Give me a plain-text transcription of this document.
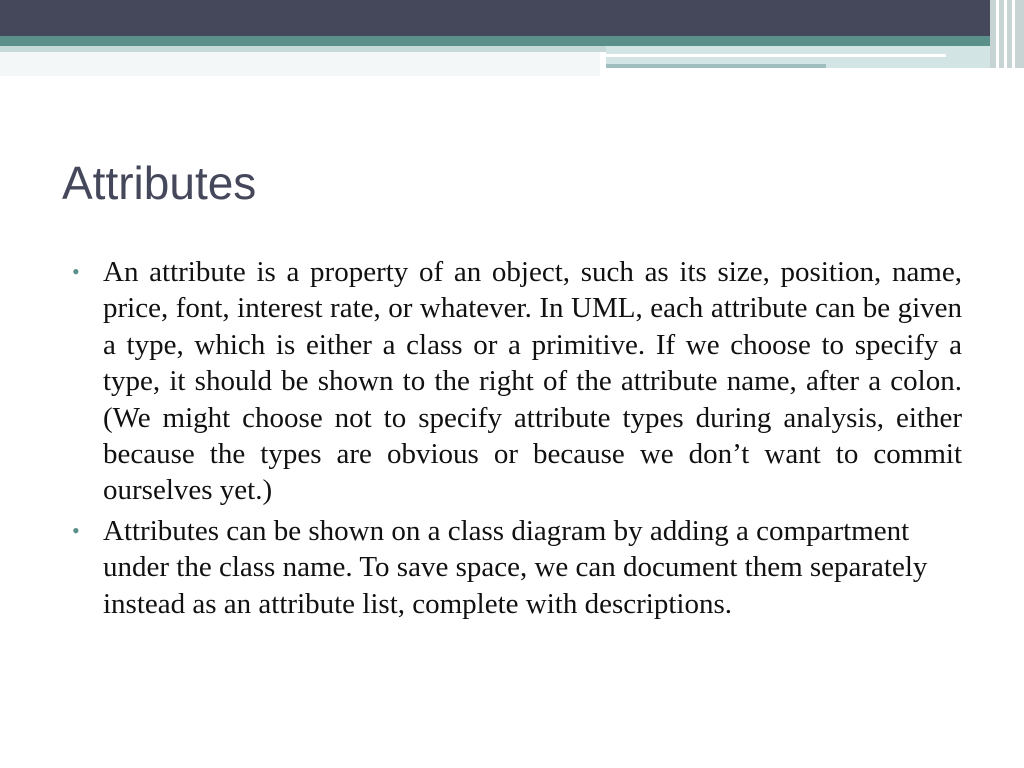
Attributes
• An attribute is a property of an object, such as its size, position, name, price, font, interest rate, or whatever. In UML, each attribute can be given a type, which is either a class or a primitive. If we choose to specify a type, it should be shown to the right of the attribute name, after a colon. (We might choose not to specify attribute types during analysis, either because the types are obvious or because we don’t want to commit ourselves yet.)
• Attributes can be shown on a class diagram by adding a compartment under the class name. To save space, we can document them separately instead as an attribute list, complete with descriptions.
